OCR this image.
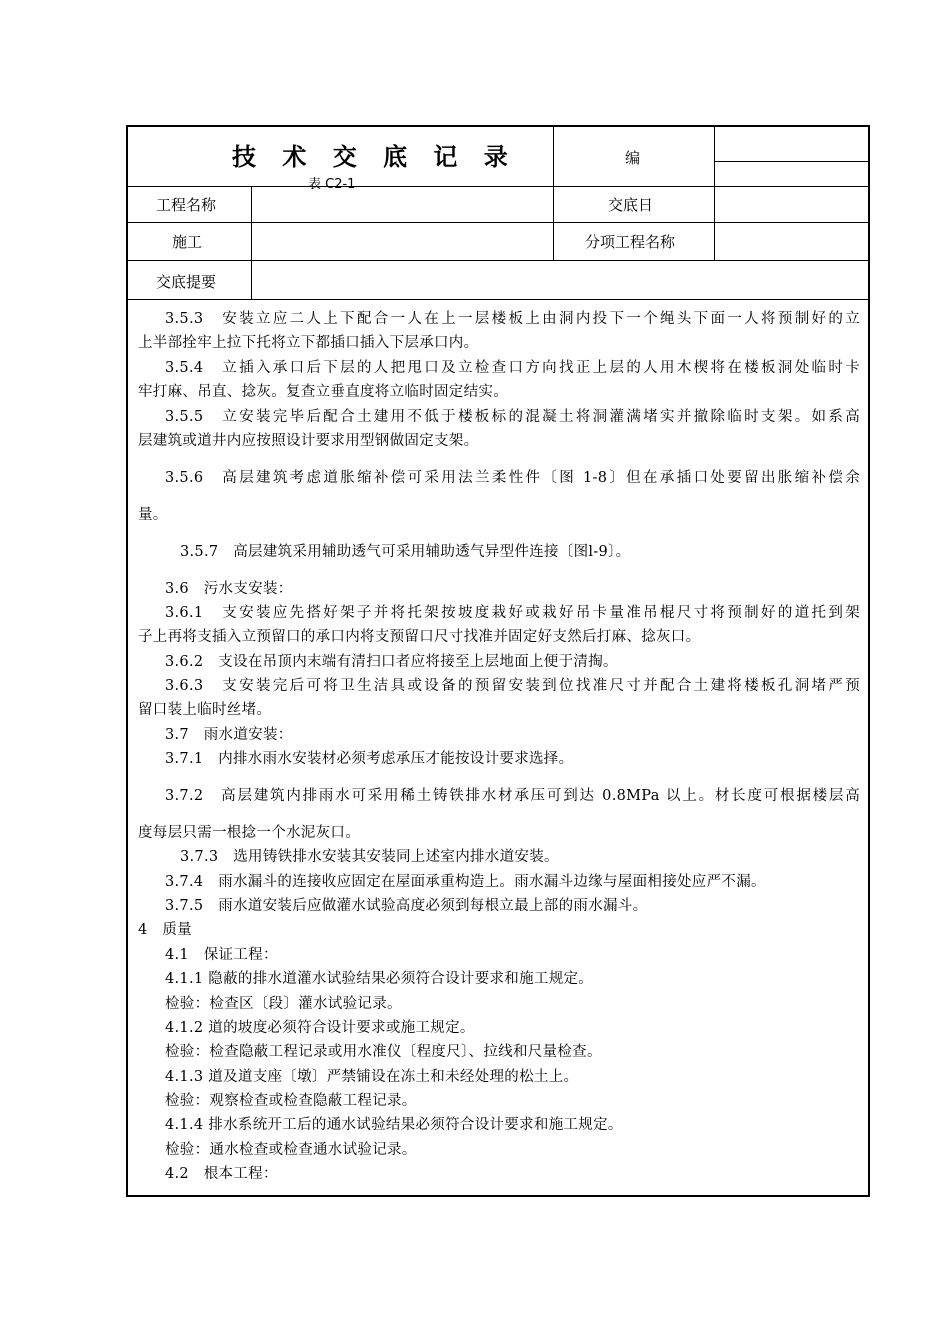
技 术 交 底 记 录
表 C2-1
编
工程名称	交底日
施工	分项工程名称
交底提要
3.5.3　安装立应二人上下配合一人在上一层楼板上由洞内投下一个绳头下面一人将预制好的立
上半部拴牢上拉下托将立下都插口插入下层承口内。
3.5.4　立插入承口后下层的人把甩口及立检查口方向找正上层的人用木楔将在楼板洞处临时卡
牢打麻、吊直、捻灰。复查立垂直度将立临时固定结实。
3.5.5　立安装完毕后配合土建用不低于楼板标的混凝土将洞灌满堵实并撤除临时支架。如系高
层建筑或道井内应按照设计要求用型钢做固定支架。
3.5.6　高层建筑考虑道胀缩补偿可采用法兰柔性件〔图 1-8〕但在承插口处要留出胀缩补偿余
量。
3.5.7　高层建筑采用辅助透气可采用辅助透气异型件连接〔图l-9〕。
3.6　污水支安装：
3.6.1　支安装应先搭好架子并将托架按坡度栽好或栽好吊卡量准吊棍尺寸将预制好的道托到架
子上再将支插入立预留口的承口内将支预留口尺寸找准并固定好支然后打麻、捻灰口。
3.6.2　支设在吊顶内末端有清扫口者应将接至上层地面上便于清掏。
3.6.3　支安装完后可将卫生洁具或设备的预留安装到位找准尺寸并配合土建将楼板孔洞堵严预
留口装上临时丝堵。
3.7　雨水道安装：
3.7.1　内排水雨水安装材必须考虑承压才能按设计要求选择。
3.7.2　高层建筑内排雨水可采用稀土铸铁排水材承压可到达 0.8MPa 以上。材长度可根据楼层高
度每层只需一根捻一个水泥灰口。
3.7.3　选用铸铁排水安装其安装同上述室内排水道安装。
3.7.4　雨水漏斗的连接收应固定在屋面承重构造上。雨水漏斗边缘与屋面相接处应严不漏。
3.7.5　雨水道安装后应做灌水试验高度必须到每根立最上部的雨水漏斗。
4　质量
4.1　保证工程：
4.1.1 隐蔽的排水道灌水试验结果必须符合设计要求和施工规定。
检验：检查区〔段〕灌水试验记录。
4.1.2 道的坡度必须符合设计要求或施工规定。
检验：检查隐蔽工程记录或用水准仪〔程度尺〕、拉线和尺量检查。
4.1.3 道及道支座〔墩〕严禁铺设在冻土和未经处理的松土上。
检验：观察检查或检查隐蔽工程记录。
4.1.4 排水系统开工后的通水试验结果必须符合设计要求和施工规定。
检验：通水检查或检查通水试验记录。
4.2　根本工程：
